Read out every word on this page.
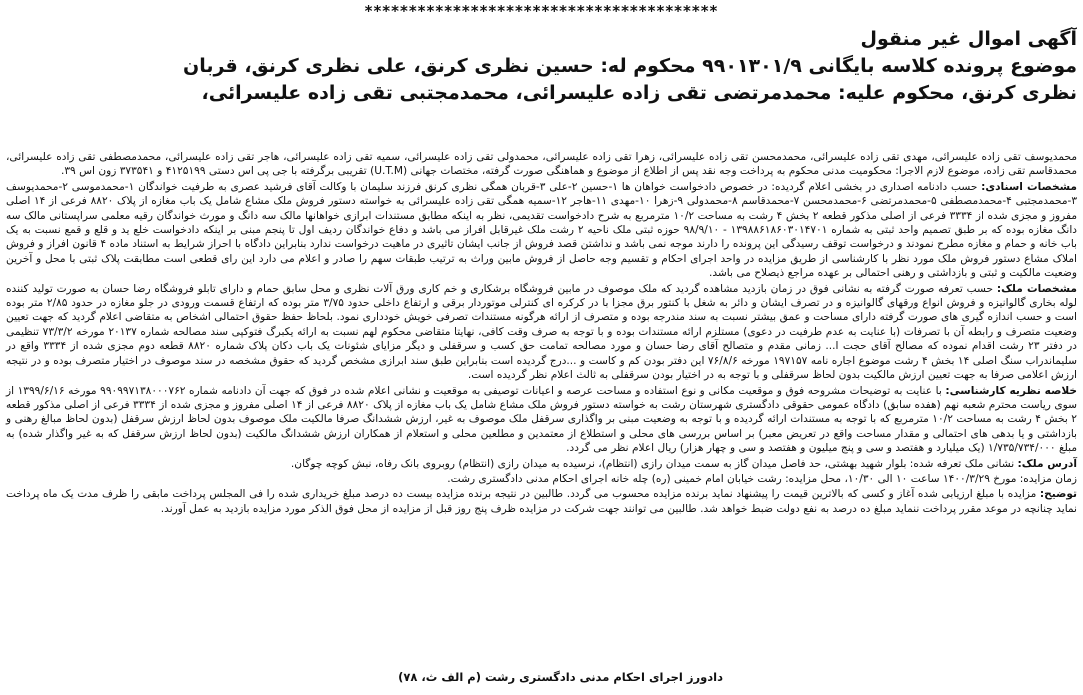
****************************************
آگهی اموال غیر منقول
موضوع پرونده کلاسه بایگانی ۹۹۰۱۳۰۱/۹ محکوم له: حسین نظری کرنق، علی نظری کرنق، قربان
نظری کرنق، محکوم علیه: محمدمرتضی تقی زاده علیسرائی، محمدمجتبی تقی زاده علیسرائی،

محمدیوسف تقی زاده علیسرائی، مهدی تقی زاده علیسرائی، محمدمحسن تقی زاده علیسرائی، زهرا تقی زاده علیسرائی، محمدولی تقی زاده علیسرائی، سمیه تقی زاده علیسرائی، هاجر تقی زاده علیسرائی، محمدمصطفی تقی زاده علیسرائی، محمدقاسم تقی زاده، موضوع لازم الاجرا: محکومیت مدنی محکوم به پرداخت وجه نقد پس از اطلاع از موضوع و هماهنگی صورت گرفته، مختصات جهانی (U.T.M) تقریبی برگرفته با جی پی اس دستی ۴۱۲۵۱۹۹ و ۳۷۳۵۴۱ زون اس ۳۹.

مشخصات اسنادی: حسب دادنامه اصداری در بخشی اعلام گردیده: در خصوص دادخواست خواهان ها ۱-حسین ۲-علی ۳-قربان همگی نظری کرنق فرزند سلیمان با وکالت آقای فرشید عصری به طرفیت خواندگان ۱-محمدموسی ۲-محمدیوسف ۳-محمدمجتبی ۴-محمدمصطفی ۵-محمدمرتضی ۶-محمدمحسن ۷-محمدقاسم ۸-محمدولی ۹-زهرا ۱۰-مهدی ۱۱-هاجر ۱۲-سمیه همگی تقی زاده علیسرائی به خواسته دستور فروش ملک مشاع شامل یک باب مغازه از پلاک ۸۸۲۰ فرعی از ۱۴ اصلی مفروز و مجزی شده از ۳۳۳۴ فرعی از اصلی مذکور قطعه ۲ بخش ۴ رشت به مساحت ۱۰/۲ مترمربع به شرح دادخواست تقدیمی، نظر به اینکه مطابق مستندات ابرازی خواهانها مالک سه دانگ و مورث خواندگان رقیه معلمی سراپستانی مالک سه دانگ مغازه بوده که بر طبق تصمیم واحد ثبتی به شماره ۱۳۹۸۸۶۱۸۶۰۳۰۱۴۷۰۱ - ۹۸/۹/۱۰ حوزه ثبتی ملک ناحیه ۲ رشت ملک غیرقابل افراز می باشد و دفاع خواندگان ردیف اول تا پنجم مبنی بر اینکه دادخواست خلع ید و قلع و قمع نسبت به یک باب خانه و حمام و مغازه مطرح نمودند و درخواست توقف رسیدگی این پرونده را دارند موجه نمی باشد و نداشتن قصد فروش از جانب ایشان تاثیری در ماهیت درخواست ندارد بنابراین دادگاه با احراز شرایط به استناد ماده ۴ قانون افراز و فروش املاک مشاع دستور فروش ملک مورد نظر با کارشناسی از طریق مزایده در واحد اجرای احکام و تقسیم وجه حاصل از فروش مابین وراث به ترتیب طبقات سهم را صادر و اعلام می دارد این رای قطعی است مطابقت پلاک ثبتی با محل و آخرین وضعیت مالکیت و ثبتی و بازداشتی و رهنی احتمالی بر عهده مراجع ذیصلاح می باشد.

مشخصات ملک: حسب تعرفه صورت گرفته به نشانی فوق در زمان بازدید مشاهده گردید که ملک موصوف در مابین فروشگاه برشکاری و خم کاری ورق آلات نظری و محل سابق حمام و دارای تابلو فروشگاه رضا حسان به صورت تولید کننده لوله بخاری گالوانیزه و فروش انواع ورقهای گالوانیزه و در تصرف ایشان و دائر به شغل با کنتور برق مجزا با در کرکره ای کنترلی موتوردار برقی و ارتفاع داخلی حدود ۳/۷۵ متر بوده که ارتفاع قسمت ورودی در جلو مغازه در حدود ۲/۸۵ متر بوده است و حسب اندازه گیری های صورت گرفته دارای مساحت و عمق بیشتر نسبت به سند مندرجه بوده و متصرف از ارائه هرگونه مستندات تصرفی خویش خودداری نمود. بلحاظ حفظ حقوق احتمالی اشخاص به متقاضی اعلام گردید که جهت تعیین وضعیت متصرف و رابطه آن با تصرفات (با عنایت به عدم طرفیت در دعوی) مستلزم ارائه مستندات بوده و با توجه به صرف وقت کافی، نهایتا متقاضی محکوم لهم نسبت به ارائه یکبرگ فتوکپی سند مصالحه شماره ۲۰۱۳۷ مورخه ۷۳/۳/۲ تنظیمی در دفتر ۲۳ رشت اقدام نموده که مصالح آقای حجت ا... زمانی مقدم و متصالح آقای رضا حسان و مورد مصالحه تمامت حق کسب و سرقفلی و دیگر مزایای شئونات یک باب دکان پلاک شماره ۸۸۲۰ قطعه دوم مجزی شده از ۳۳۳۴ واقع در سلیماندراب سنگ اصلی ۱۴ بخش ۴ رشت موضوع اجاره نامه ۱۹۷۱۵۷ مورخه ۷۶/۸/۶ این دفتر بودن کم و کاست و ...درج گردیده است بنابراین طبق سند ابرازی مشخص گردید که حقوق مشخصه در سند موصوف در اختیار متصرف بوده و در نتیجه ارزش اعلامی صرفا به جهت تعیین ارزش مالکیت بدون لحاظ سرقفلی و با توجه به در اختیار بودن سرقفلی به ثالث اعلام نظر گردیده است.

خلاصه نظریه کارشناسی: با عنایت به توضیحات مشروحه فوق و موقعیت مکانی و نوع استفاده و مساحت عرصه و اعیانات توصیفی به موقعیت و نشانی اعلام شده در فوق که جهت آن دادنامه شماره ۹۹۰۹۹۷۱۳۸۰۰۰۷۶۲ مورخه ۱۳۹۹/۶/۱۶ از سوی ریاست محترم شعبه نهم (هفده سابق) دادگاه عمومی حقوقی دادگستری شهرستان رشت به خواسته دستور فروش ملک مشاع شامل یک باب مغازه از پلاک ۸۸۲۰ فرعی از ۱۴ اصلی مفروز و مجزی شده از ۳۳۳۴ فرعی از اصلی مذکور قطعه ۲ بخش ۴ رشت به مساحت ۱۰/۲ مترمربع که با توجه به مستندات ارائه گردیده و با توجه به وضعیت مبنی بر واگذاری سرقفل ملک موصوف به غیر، ارزش ششدانگ صرفا مالکیت ملک موصوف بدون لحاظ ارزش سرقفل (بدون لحاظ مبالغ رهنی و بازداشتی و یا بدهی های احتمالی و مقدار مساحت واقع در تعریض معبر) بر اساس بررسی های محلی و استطلاع از معتمدین و مطلعین محلی و استعلام از همکاران ارزش ششدانگ مالکیت (بدون لحاظ ارزش سرقفل که به غیر واگذار شده) به مبلغ ۱/۷۳۵/۷۳۴/۰۰۰ (یک میلیارد و هفتصد و سی و پنج میلیون و هفتصد و سی و چهار هزار) ریال اعلام نظر می گردد.

آدرس ملک: نشانی ملک تعرفه شده: بلوار شهید بهشتی، حد فاصل میدان گاز به سمت میدان رازی (انتظام)، نرسیده به میدان رازی (انتظام) روبروی بانک رفاه، نبش کوچه چوگان.

زمان مزایده: مورخ ۱۴۰۰/۳/۲۹ ساعت ۱۰ الی ۱۰/۳۰، محل مزایده: رشت خیابان امام خمینی (ره) چله خانه اجرای احکام مدنی دادگستری رشت.

توضیح: مزایده با مبلغ ارزیابی شده آغاز و کسی که بالاترین قیمت را پیشنهاد نماید برنده مزایده محسوب می گردد. طالبین در نتیجه برنده مزایده بیست ده درصد مبلغ خریداری شده را فی المجلس پرداخت مابقی را ظرف مدت یک ماه پرداخت نماید چنانچه در موعد مقرر پرداخت ننماید مبلغ ده درصد به نفع دولت ضبط خواهد شد. طالبین می توانند جهت شرکت در مزایده ظرف پنج روز قبل از مزایده از محل فوق الذکر مورد مزایده بازدید به عمل آورند.

دادورز اجرای احکام مدنی دادگستری رشت (م الف ث، ۷۸)
